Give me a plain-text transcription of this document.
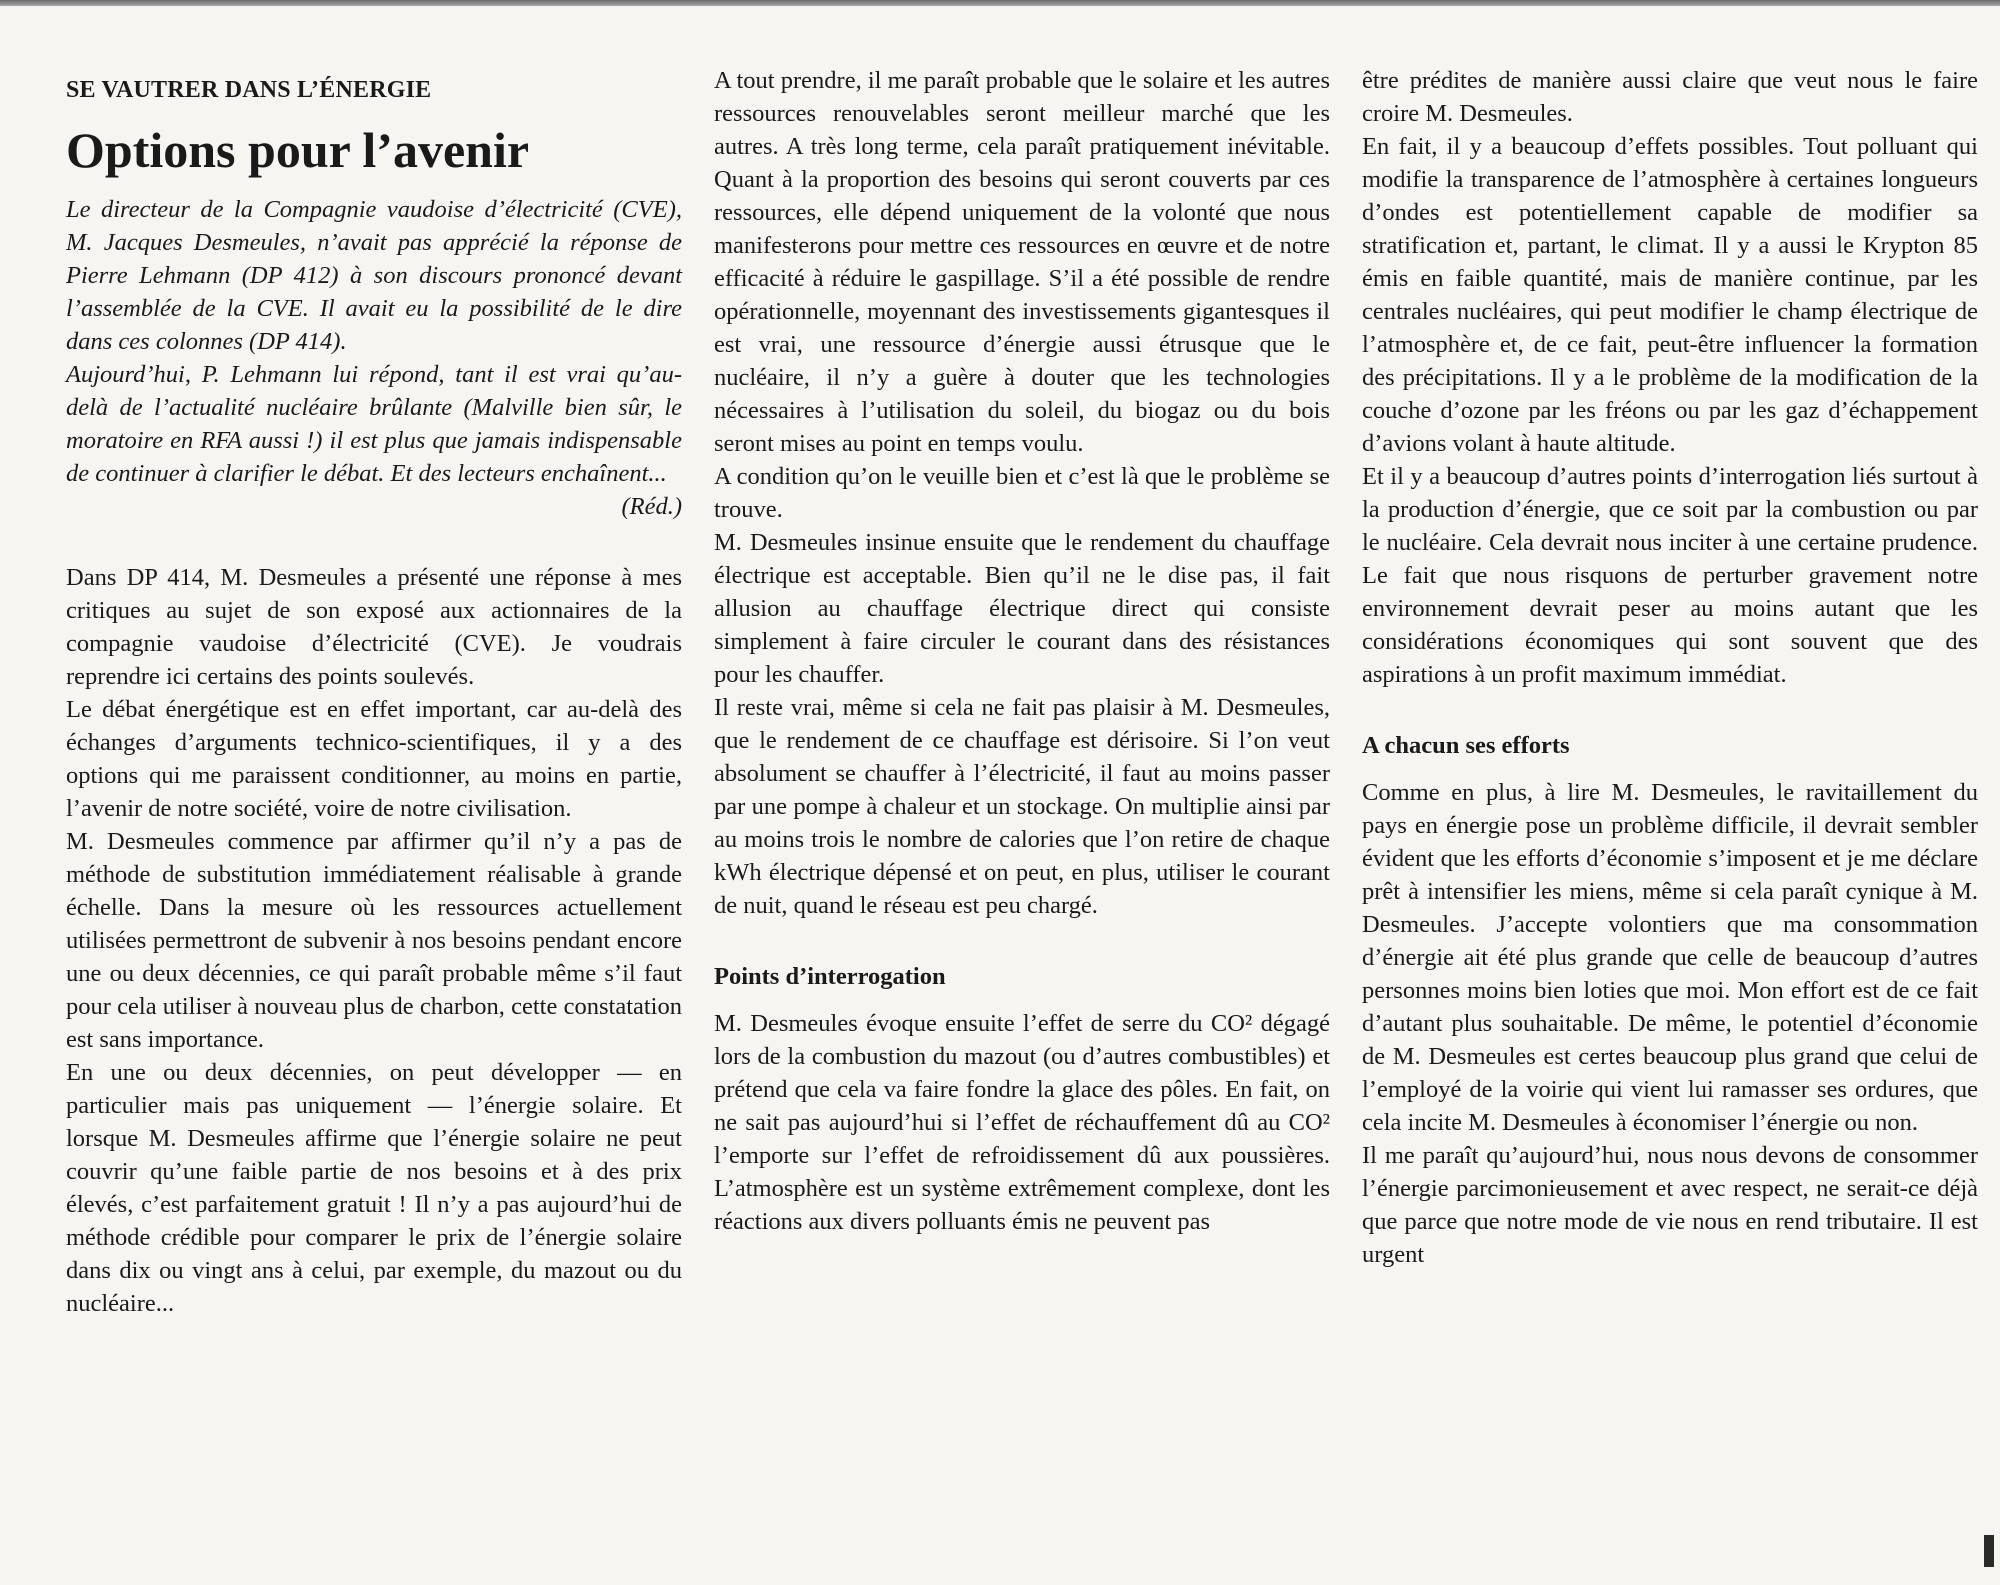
SE VAUTRER DANS L’ÉNERGIE
Options pour l’avenir

Le directeur de la Compagnie vaudoise d’électricité (CVE), M. Jacques Desmeules, n’avait pas apprécié la réponse de Pierre Lehmann (DP 412) à son discours prononcé devant l’assemblée de la CVE. Il avait eu la possibilité de le dire dans ces colonnes (DP 414).

Aujourd’hui, P. Lehmann lui répond, tant il est vrai qu’au-delà de l’actualité nucléaire brûlante (Malville bien sûr, le moratoire en RFA aussi !) il est plus que jamais indispensable de continuer à clarifier le débat. Et des lecteurs enchaînent...

(Réd.)

Dans DP 414, M. Desmeules a présenté une réponse à mes critiques au sujet de son exposé aux actionnaires de la compagnie vaudoise d’électricité (CVE). Je voudrais reprendre ici certains des points soulevés.

Le débat énergétique est en effet important, car au-delà des échanges d’arguments technico-scientifiques, il y a des options qui me paraissent conditionner, au moins en partie, l’avenir de notre société, voire de notre civilisation.

M. Desmeules commence par affirmer qu’il n’y a pas de méthode de substitution immédiatement réalisable à grande échelle. Dans la mesure où les ressources actuellement utilisées permettront de subvenir à nos besoins pendant encore une ou deux décennies, ce qui paraît probable même s’il faut pour cela utiliser à nouveau plus de charbon, cette constatation est sans importance.

En une ou deux décennies, on peut développer — en particulier mais pas uniquement — l’énergie solaire. Et lorsque M. Desmeules affirme que l’énergie solaire ne peut couvrir qu’une faible partie de nos besoins et à des prix élevés, c’est parfaitement gratuit ! Il n’y a pas aujourd’hui de méthode crédible pour comparer le prix de l’énergie solaire dans dix ou vingt ans à celui, par exemple, du mazout ou du nucléaire...

A tout prendre, il me paraît probable que le solaire et les autres ressources renouvelables seront meilleur marché que les autres. A très long terme, cela paraît pratiquement inévitable. Quant à la proportion des besoins qui seront couverts par ces ressources, elle dépend uniquement de la volonté que nous manifesterons pour mettre ces ressources en œuvre et de notre efficacité à réduire le gaspillage. S’il a été possible de rendre opérationnelle, moyennant des investissements gigantesques il est vrai, une ressource d’énergie aussi étrusque que le nucléaire, il n’y a guère à douter que les technologies nécessaires à l’utilisation du soleil, du biogaz ou du bois seront mises au point en temps voulu.

A condition qu’on le veuille bien et c’est là que le problème se trouve.

M. Desmeules insinue ensuite que le rendement du chauffage électrique est acceptable. Bien qu’il ne le dise pas, il fait allusion au chauffage électrique direct qui consiste simplement à faire circuler le courant dans des résistances pour les chauffer.

Il reste vrai, même si cela ne fait pas plaisir à M. Desmeules, que le rendement de ce chauffage est dérisoire. Si l’on veut absolument se chauffer à l’électricité, il faut au moins passer par une pompe à chaleur et un stockage. On multiplie ainsi par au moins trois le nombre de calories que l’on retire de chaque kWh électrique dépensé et on peut, en plus, utiliser le courant de nuit, quand le réseau est peu chargé.

Points d’interrogation

M. Desmeules évoque ensuite l’effet de serre du CO² dégagé lors de la combustion du mazout (ou d’autres combustibles) et prétend que cela va faire fondre la glace des pôles. En fait, on ne sait pas aujourd’hui si l’effet de réchauffement dû au CO² l’emporte sur l’effet de refroidissement dû aux poussières. L’atmosphère est un système extrêmement complexe, dont les réactions aux divers polluants émis ne peuvent pas

être prédites de manière aussi claire que veut nous le faire croire M. Desmeules.

En fait, il y a beaucoup d’effets possibles. Tout polluant qui modifie la transparence de l’atmosphère à certaines longueurs d’ondes est potentiellement capable de modifier sa stratification et, partant, le climat. Il y a aussi le Krypton 85 émis en faible quantité, mais de manière continue, par les centrales nucléaires, qui peut modifier le champ électrique de l’atmosphère et, de ce fait, peut-être influencer la formation des précipitations. Il y a le problème de la modification de la couche d’ozone par les fréons ou par les gaz d’échappement d’avions volant à haute altitude.

Et il y a beaucoup d’autres points d’interrogation liés surtout à la production d’énergie, que ce soit par la combustion ou par le nucléaire. Cela devrait nous inciter à une certaine prudence. Le fait que nous risquons de perturber gravement notre environnement devrait peser au moins autant que les considérations économiques qui sont souvent que des aspirations à un profit maximum immédiat.

A chacun ses efforts

Comme en plus, à lire M. Desmeules, le ravitaillement du pays en énergie pose un problème difficile, il devrait sembler évident que les efforts d’économie s’imposent et je me déclare prêt à intensifier les miens, même si cela paraît cynique à M. Desmeules. J’accepte volontiers que ma consommation d’énergie ait été plus grande que celle de beaucoup d’autres personnes moins bien loties que moi. Mon effort est de ce fait d’autant plus souhaitable. De même, le potentiel d’économie de M. Desmeules est certes beaucoup plus grand que celui de l’employé de la voirie qui vient lui ramasser ses ordures, que cela incite M. Desmeules à économiser l’énergie ou non.

Il me paraît qu’aujourd’hui, nous nous devons de consommer l’énergie parcimonieusement et avec respect, ne serait-ce déjà que parce que notre mode de vie nous en rend tributaire. Il est urgent
